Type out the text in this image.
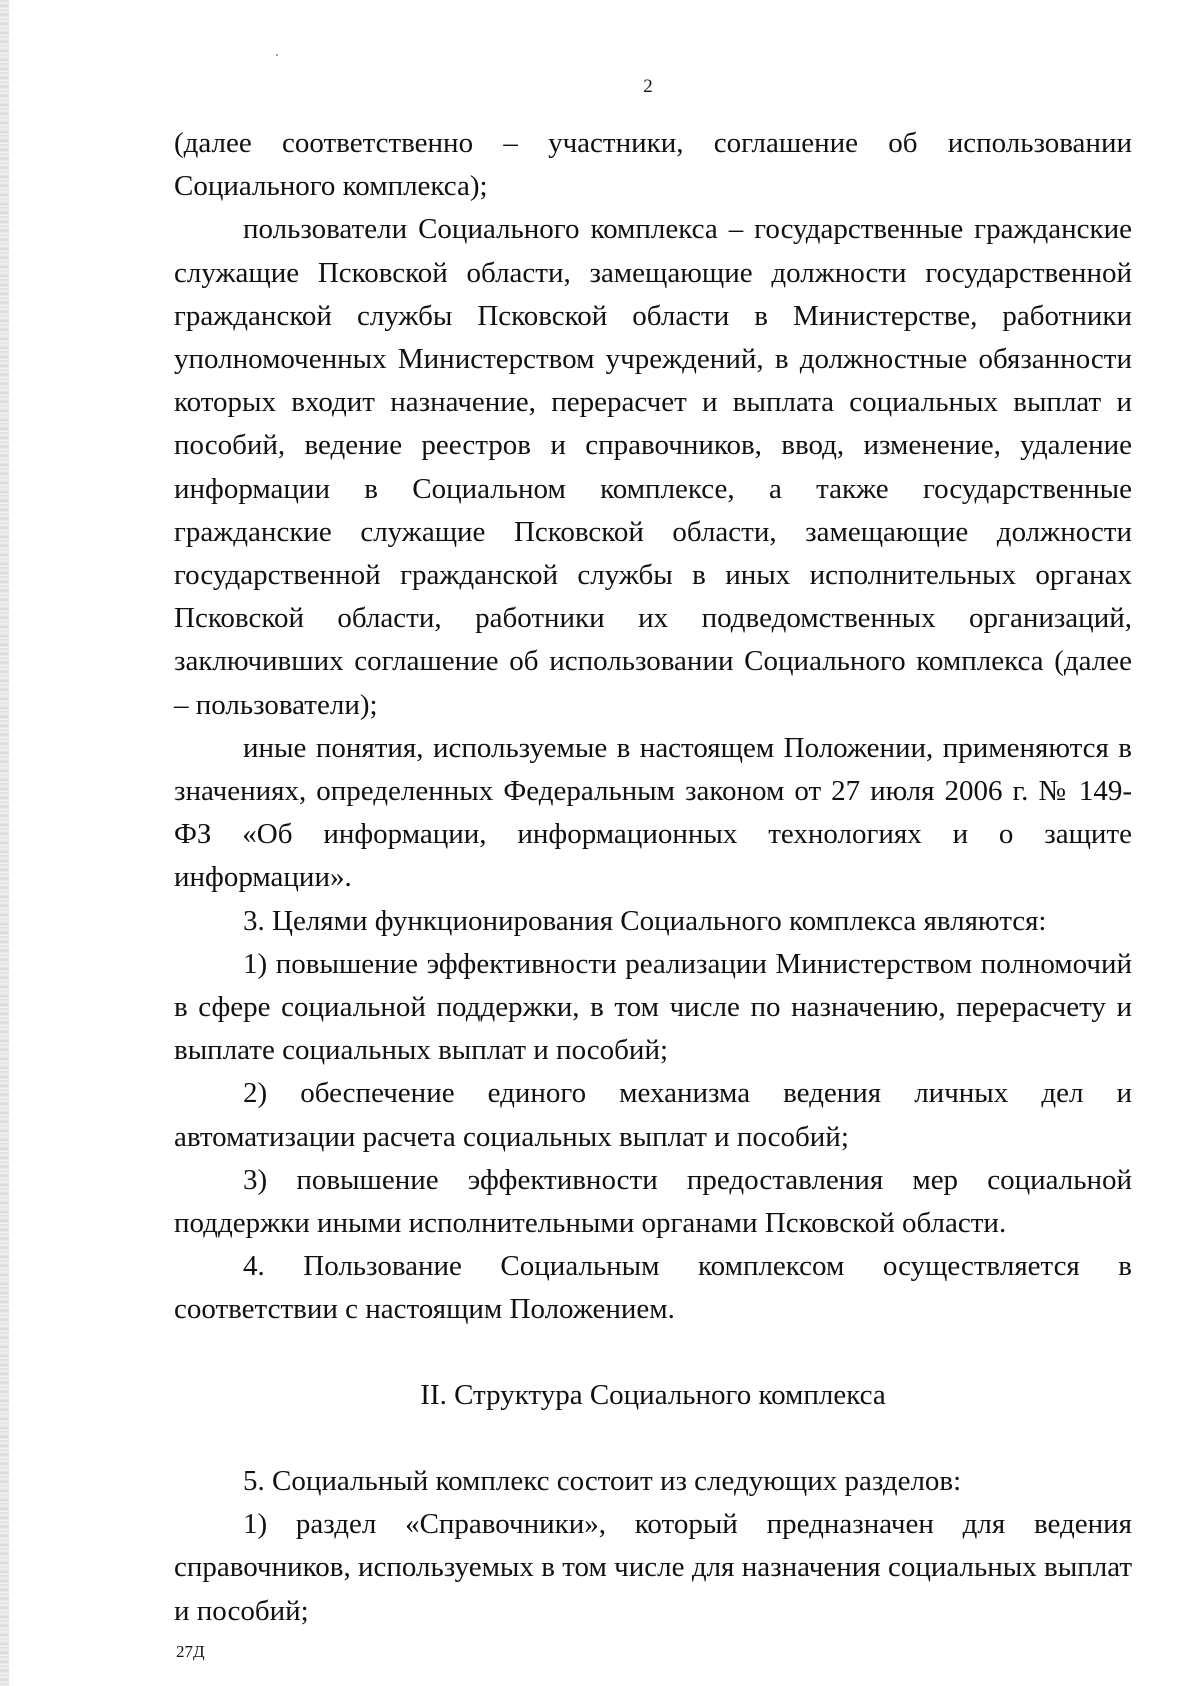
2

(далее соответственно – участники, соглашение об использовании Социального комплекса);

пользователи Социального комплекса – государственные гражданские служащие Псковской области, замещающие должности государственной гражданской службы Псковской области в Министерстве, работники уполномоченных Министерством учреждений, в должностные обязанности которых входит назначение, перерасчет и выплата социальных выплат и пособий, ведение реестров и справочников, ввод, изменение, удаление информации в Социальном комплексе, а также государственные гражданские служащие Псковской области, замещающие должности государственной гражданской службы в иных исполнительных органах Псковской области, работники их подведомственных организаций, заключивших соглашение об использовании Социального комплекса (далее – пользователи);

иные понятия, используемые в настоящем Положении, применяются в значениях, определенных Федеральным законом от 27 июля 2006 г. № 149-ФЗ «Об информации, информационных технологиях и о защите информации».

3. Целями функционирования Социального комплекса являются:

1) повышение эффективности реализации Министерством полномочий в сфере социальной поддержки, в том числе по назначению, перерасчету и выплате социальных выплат и пособий;

2) обеспечение единого механизма ведения личных дел и автоматизации расчета социальных выплат и пособий;

3) повышение эффективности предоставления мер социальной поддержки иными исполнительными органами Псковской области.

4. Пользование Социальным комплексом осуществляется в соответствии с настоящим Положением.

II. Структура Социального комплекса

5. Социальный комплекс состоит из следующих разделов:

1) раздел «Справочники», который предназначен для ведения справочников, используемых в том числе для назначения социальных выплат и пособий;

27Д
